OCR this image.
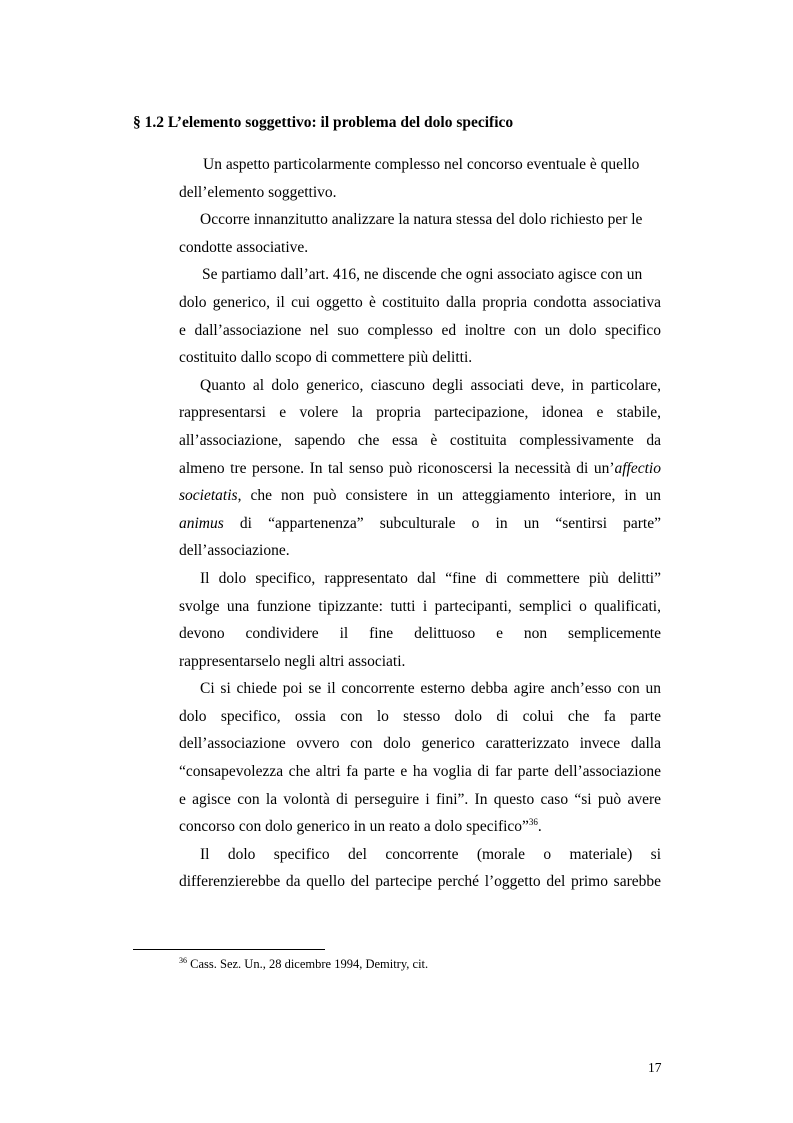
§ 1.2 L’elemento soggettivo: il problema del dolo specifico
Un aspetto particolarmente complesso nel concorso eventuale è quello
dell’elemento soggettivo.
Occorre innanzitutto analizzare la natura stessa del dolo richiesto per le
condotte associative.
Se partiamo dall’art. 416, ne discende che ogni associato agisce con un
dolo generico, il cui oggetto è costituito dalla propria condotta associativa
e dall’associazione nel suo complesso ed inoltre con un dolo specifico
costituito dallo scopo di commettere più delitti.
Quanto al dolo generico, ciascuno degli associati deve, in particolare,
rappresentarsi e volere la propria partecipazione, idonea e stabile,
all’associazione, sapendo che essa è costituita complessivamente da
almeno tre persone. In tal senso può riconoscersi la necessità di un’affectio
societatis, che non può consistere in un atteggiamento interiore, in un
animus di “appartenenza” subculturale o in un “sentirsi parte”
dell’associazione.
Il dolo specifico, rappresentato dal “fine di commettere più delitti”
svolge una funzione tipizzante: tutti i partecipanti, semplici o qualificati,
devono condividere il fine delittuoso e non semplicemente
rappresentarselo negli altri associati.
Ci si chiede poi se il concorrente esterno debba agire anch’esso con un
dolo specifico, ossia con lo stesso dolo di colui che fa parte
dell’associazione ovvero con dolo generico caratterizzato invece dalla
“consapevolezza che altri fa parte e ha voglia di far parte dell’associazione
e agisce con la volontà di perseguire i fini”. In questo caso “si può avere
concorso con dolo generico in un reato a dolo specifico”$^{36}$.
Il dolo specifico del concorrente (morale o materiale) si
differenzierebbe da quello del partecipe perché l’oggetto del primo sarebbe
$^{36}$ Cass. Sez. Un., 28 dicembre 1994, Demitry, cit.
17
